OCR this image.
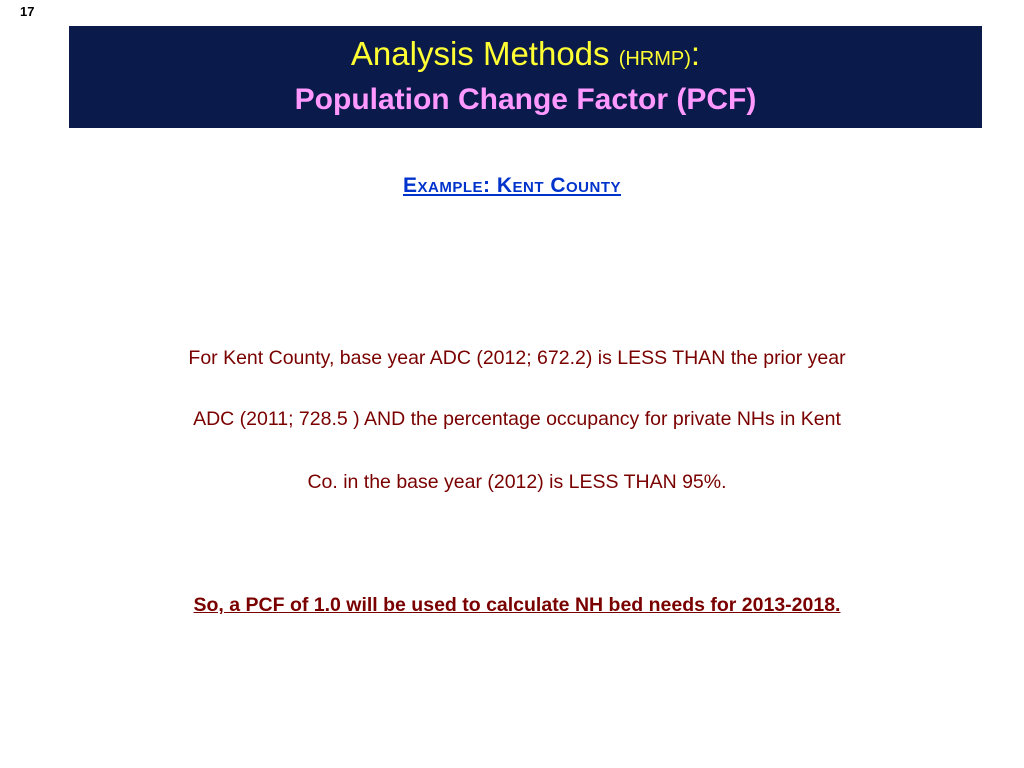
17
Analysis Methods (HRMP):
Population Change Factor (PCF)
Example: Kent County
For Kent County, base year ADC (2012; 672.2) is LESS THAN the prior year
ADC (2011; 728.5 ) AND the percentage occupancy for private NHs in Kent
Co. in the base year (2012) is LESS THAN 95%.
So, a PCF of 1.0 will be used to calculate NH bed needs for 2013-2018.
